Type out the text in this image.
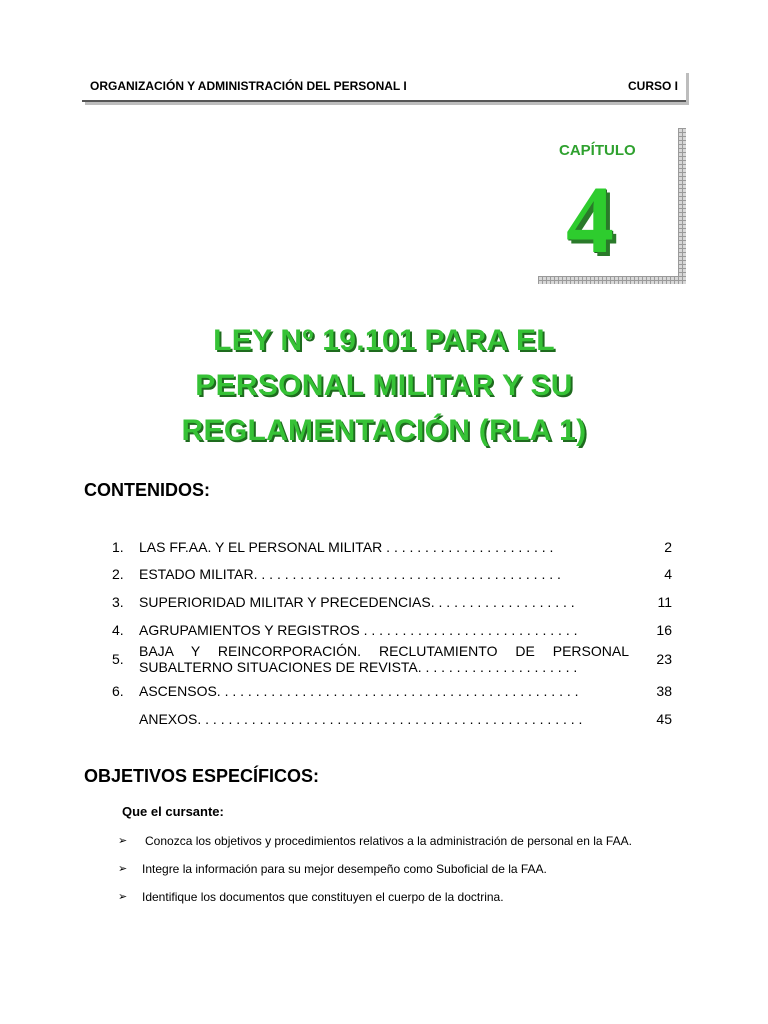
ORGANIZACIÓN Y ADMINISTRACIÓN DEL PERSONAL I	CURSO I
CAPÍTULO
4
LEY Nº 19.101 PARA EL
PERSONAL MILITAR Y SU
REGLAMENTACIÓN (RLA 1)
CONTENIDOS:
1. LAS FF.AA. Y EL PERSONAL MILITAR . . . . . . . . . . . . . . . . . . . . . .	2
2. ESTADO MILITAR. . . . . . . . . . . . . . . . . . . . . . . . . . . . . . . . . . . . . . . .	4
3. SUPERIORIDAD MILITAR Y PRECEDENCIAS. . . . . . . . . . . . . . . . . . .	11
4. AGRUPAMIENTOS Y REGISTROS . . . . . . . . . . . . . . . . . . . . . . . . . . . .	16
5. BAJA Y REINCORPORACIÓN. RECLUTAMIENTO DE PERSONAL
SUBALTERNO SITUACIONES DE REVISTA. . . . . . . . . . . . . . . . . . . . .	23
6. ASCENSOS. . . . . . . . . . . . . . . . . . . . . . . . . . . . . . . . . . . . . . . . . . . . . . .	38
ANEXOS. . . . . . . . . . . . . . . . . . . . . . . . . . . . . . . . . . . . . . . . . . . . . . . . . .	45
OBJETIVOS ESPECÍFICOS:
Que el cursante:
➢ Conozca los objetivos y procedimientos relativos a la administración de personal en la FAA.
➢ Integre la información para su mejor desempeño como Suboficial de la FAA.
➢ Identifique los documentos que constituyen el cuerpo de la doctrina.
